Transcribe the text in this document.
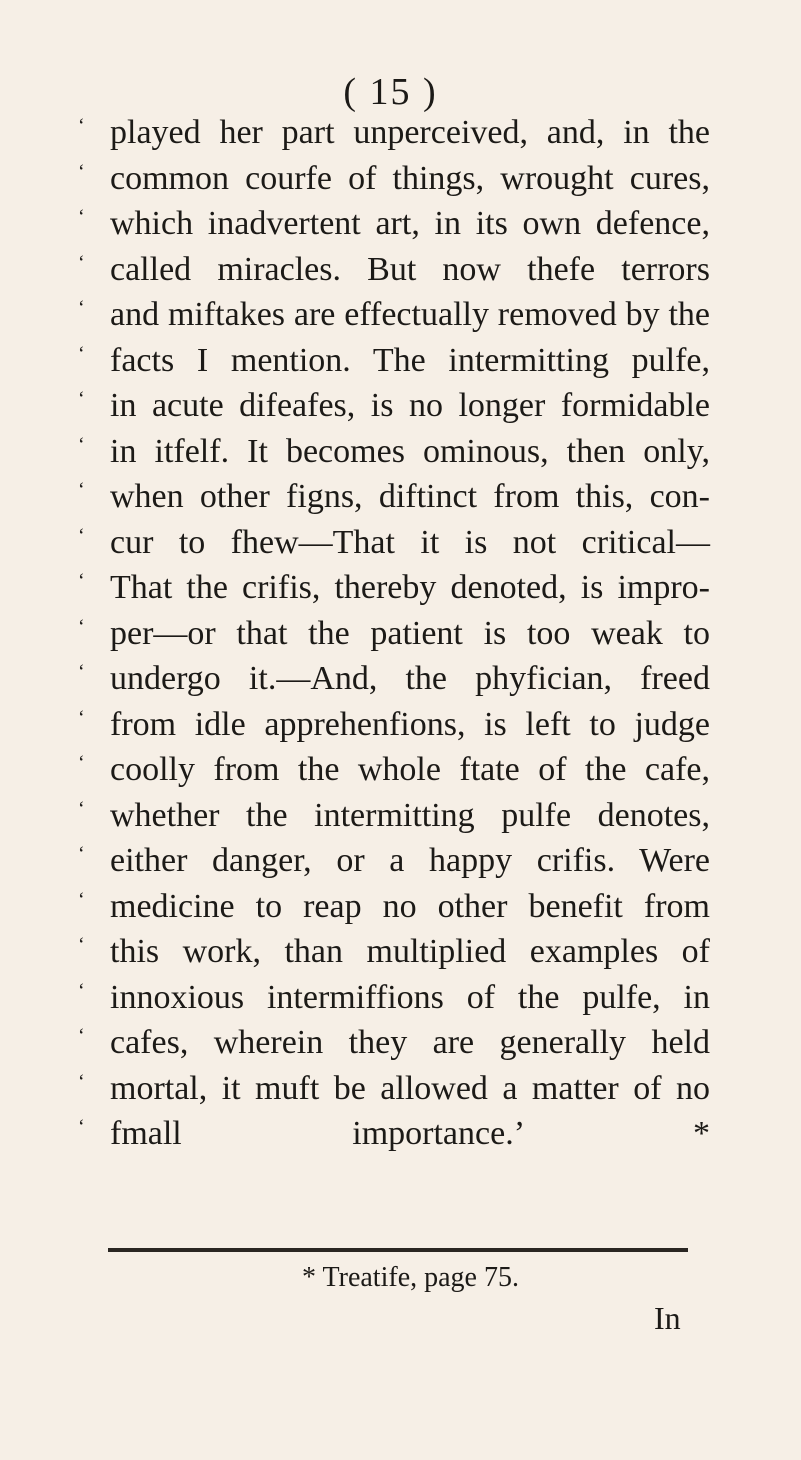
( 15 )
‘ played her part unperceived, and, in the
‘ common courfe of things, wrought cures,
‘ which inadvertent art, in its own defence,
‘ called miracles. But now thefe terrors
‘ and miftakes are effectually removed by the
‘ facts I mention. The intermitting pulfe,
‘ in acute difeafes, is no longer formidable
‘ in itfelf. It becomes ominous, then only,
‘ when other figns, diftinct from this, con-
‘ cur to fhew—That it is not critical—
‘ That the crifis, thereby denoted, is impro-
‘ per—or that the patient is too weak to
‘ undergo it.—And, the phyfician, freed
‘ from idle apprehenfions, is left to judge
‘ coolly from the whole ftate of the cafe,
‘ whether the intermitting pulfe denotes,
‘ either danger, or a happy crifis. Were
‘ medicine to reap no other benefit from
‘ this work, than multiplied examples of
‘ innoxious intermiffions of the pulfe, in
‘ cafes, wherein they are generally held
‘ mortal, it muft be allowed a matter of no
‘ fmall importance.’ *
* Treatife, page 75.
In
